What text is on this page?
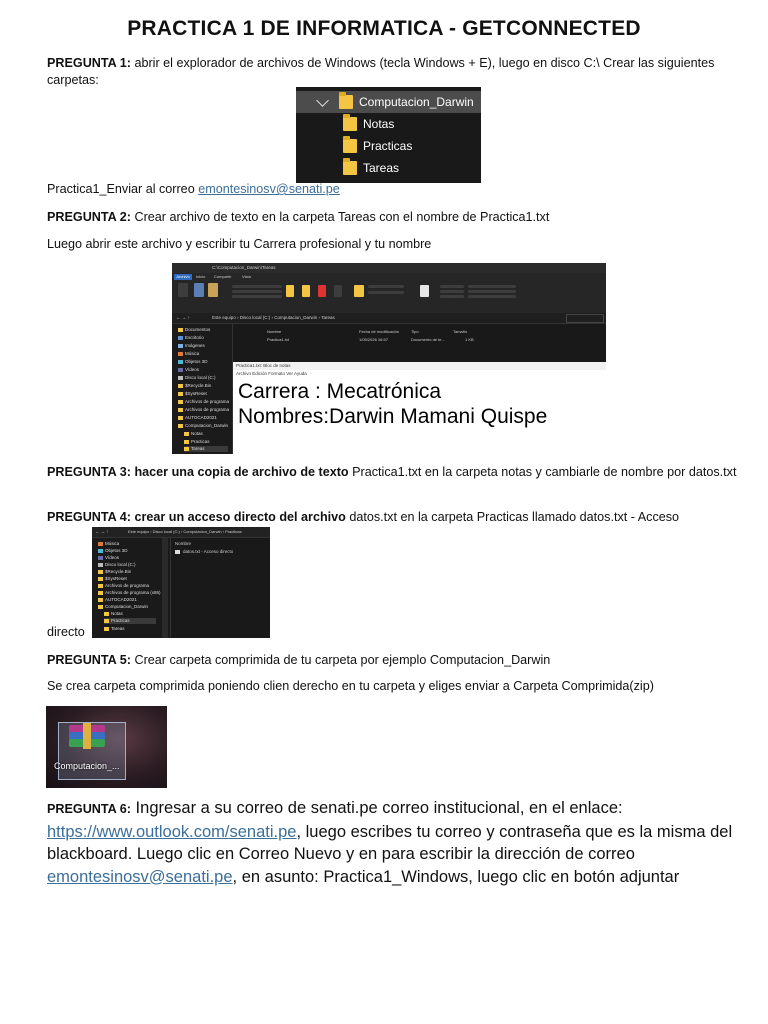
PRACTICA 1 DE INFORMATICA - GETCONNECTED
PREGUNTA 1: abrir el explorador de archivos de Windows (tecla Windows + E), luego en disco C:\ Crear las siguientes carpetas:
Computacion_Darwin
Notas
Practicas
Tareas
Practica1_Enviar al correo emontesinosv@senati.pe
PREGUNTA 2: Crear archivo de texto en la carpeta Tareas con el nombre de Practica1.txt
Luego abrir este archivo y escribir tu Carrera profesional y tu nombre
C:\Computacion_Darwin\Tareas
Archivo	Inicio Compartir	Vista
← → ↑	Este equipo › Disco local (C:) › Computacion_Darwin › Tareas
Documentos
Escritorio
Imágenes
Música
Objetos 3D
Vídeos
Disco local (C:)
$Recycle.Bin
$SysReset
Archivos de programa
Archivos de programa
AUTOCAD2021
Computacion_Darwin
Notas
Practicas
Tareas
Nombre	Fecha de modificación	Tipo	Tamaño
Practica1.txt	1/05/2026 16:57	Documento de te...	1 KB
Practica1.txt: Bloc de notas
Archivo Edición Formato Ver Ayuda
Carrera : Mecatrónica
Nombres:Darwin Mamani Quispe
PREGUNTA 3: hacer una copia de archivo de texto Practica1.txt en la carpeta notas y cambiarle de nombre por datos.txt
PREGUNTA 4: crear un acceso directo del archivo datos.txt en la carpeta Practicas llamado datos.txt - Acceso
directo
← → ↑	Este equipo › Disco local (C:) › Computacion_Darwin › Practicas
Música
Objetos 3D
Vídeos
Disco local (C:)
$Recycle.Bin
$SysReset
Archivos de programa
Archivos de programa (x86)
AUTOCAD2021
Computacion_Darwin
Notas
Practicas
Tareas
Nombre
datos.txt - Acceso directo
PREGUNTA 5: Crear carpeta comprimida de tu carpeta por ejemplo Computacion_Darwin
Se crea carpeta comprimida poniendo clien derecho en tu carpeta y eliges enviar a Carpeta Comprimida(zip)
Computacion_...
PREGUNTA 6: Ingresar a su correo de senati.pe correo institucional, en el enlace: https://www.outlook.com/senati.pe, luego escribes tu correo y contraseña que es la misma del blackboard. Luego clic en Correo Nuevo y en para escribir la dirección de correo emontesinosv@senati.pe, en asunto: Practica1_Windows, luego clic en botón adjuntar
